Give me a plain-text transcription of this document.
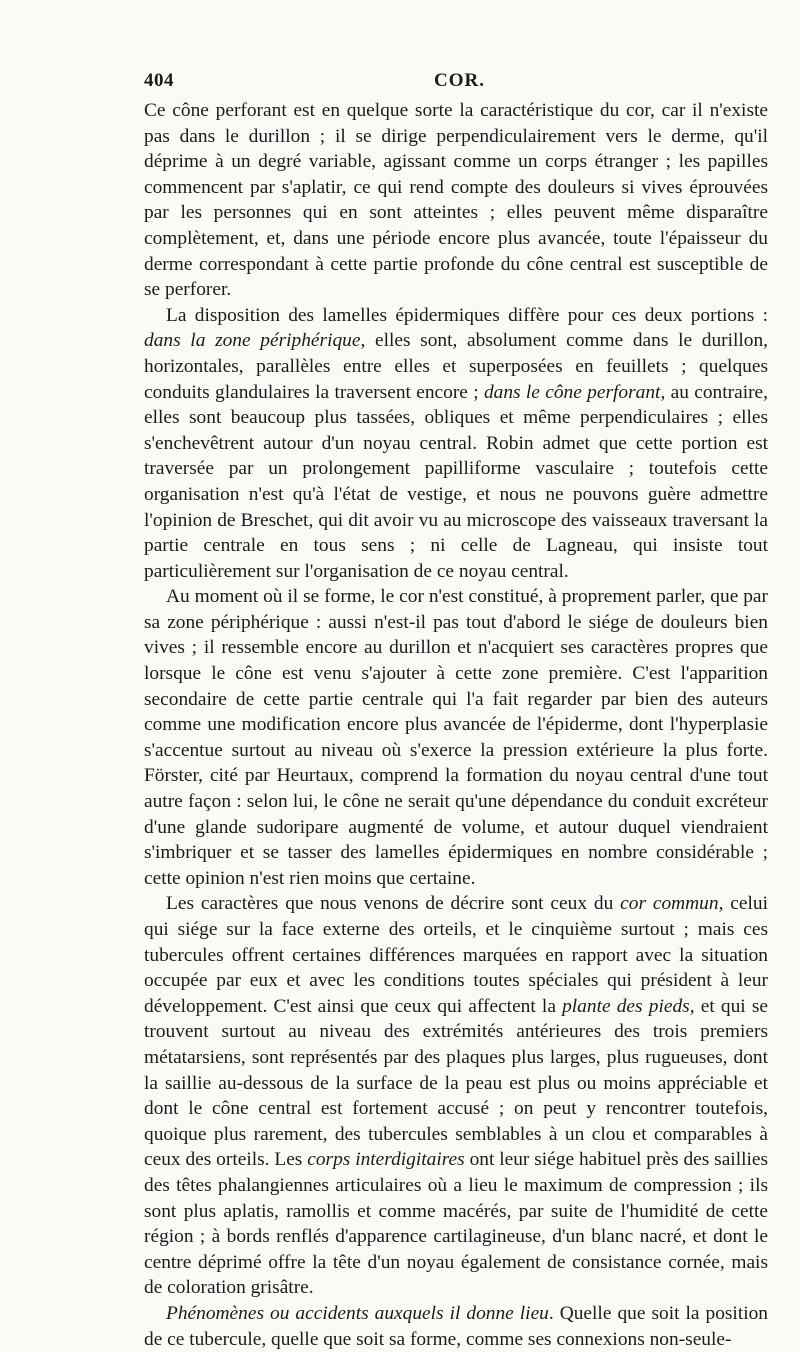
404	COR.

Ce cône perforant est en quelque sorte la caractéristique du cor, car il n'existe pas dans le durillon ; il se dirige perpendiculairement vers le derme, qu'il déprime à un degré variable, agissant comme un corps étranger ; les papilles commencent par s'aplatir, ce qui rend compte des douleurs si vives éprouvées par les personnes qui en sont atteintes ; elles peuvent même disparaître complètement, et, dans une période encore plus avancée, toute l'épaisseur du derme correspondant à cette partie profonde du cône central est susceptible de se perforer.

La disposition des lamelles épidermiques diffère pour ces deux portions : dans la zone périphérique, elles sont, absolument comme dans le durillon, horizontales, parallèles entre elles et superposées en feuillets ; quelques conduits glandulaires la traversent encore ; dans le cône perforant, au contraire, elles sont beaucoup plus tassées, obliques et même perpendiculaires ; elles s'enchevêtrent autour d'un noyau central. Robin admet que cette portion est traversée par un prolongement papilliforme vasculaire ; toutefois cette organisation n'est qu'à l'état de vestige, et nous ne pouvons guère admettre l'opinion de Breschet, qui dit avoir vu au microscope des vaisseaux traversant la partie centrale en tous sens ; ni celle de Lagneau, qui insiste tout particulièrement sur l'organisation de ce noyau central.

Au moment où il se forme, le cor n'est constitué, à proprement parler, que par sa zone périphérique : aussi n'est-il pas tout d'abord le siége de douleurs bien vives ; il ressemble encore au durillon et n'acquiert ses caractères propres que lorsque le cône est venu s'ajouter à cette zone première. C'est l'apparition secondaire de cette partie centrale qui l'a fait regarder par bien des auteurs comme une modification encore plus avancée de l'épiderme, dont l'hyperplasie s'accentue surtout au niveau où s'exerce la pression extérieure la plus forte. Förster, cité par Heurtaux, comprend la formation du noyau central d'une tout autre façon : selon lui, le cône ne serait qu'une dépendance du conduit excréteur d'une glande sudoripare augmenté de volume, et autour duquel viendraient s'imbriquer et se tasser des lamelles épidermiques en nombre considérable ; cette opinion n'est rien moins que certaine.

Les caractères que nous venons de décrire sont ceux du cor commun, celui qui siége sur la face externe des orteils, et le cinquième surtout ; mais ces tubercules offrent certaines différences marquées en rapport avec la situation occupée par eux et avec les conditions toutes spéciales qui président à leur développement. C'est ainsi que ceux qui affectent la plante des pieds, et qui se trouvent surtout au niveau des extrémités antérieures des trois premiers métatarsiens, sont représentés par des plaques plus larges, plus rugueuses, dont la saillie au-dessous de la surface de la peau est plus ou moins appréciable et dont le cône central est fortement accusé ; on peut y rencontrer toutefois, quoique plus rarement, des tubercules semblables à un clou et comparables à ceux des orteils. Les corps interdigitaires ont leur siége habituel près des saillies des têtes phalangiennes articulaires où a lieu le maximum de compression ; ils sont plus aplatis, ramollis et comme macérés, par suite de l'humidité de cette région ; à bords renflés d'apparence cartilagineuse, d'un blanc nacré, et dont le centre déprimé offre la tête d'un noyau également de consistance cornée, mais de coloration grisâtre.

Phénomènes ou accidents auxquels il donne lieu. Quelle que soit la position de ce tubercule, quelle que soit sa forme, comme ses connexions non-seule-
